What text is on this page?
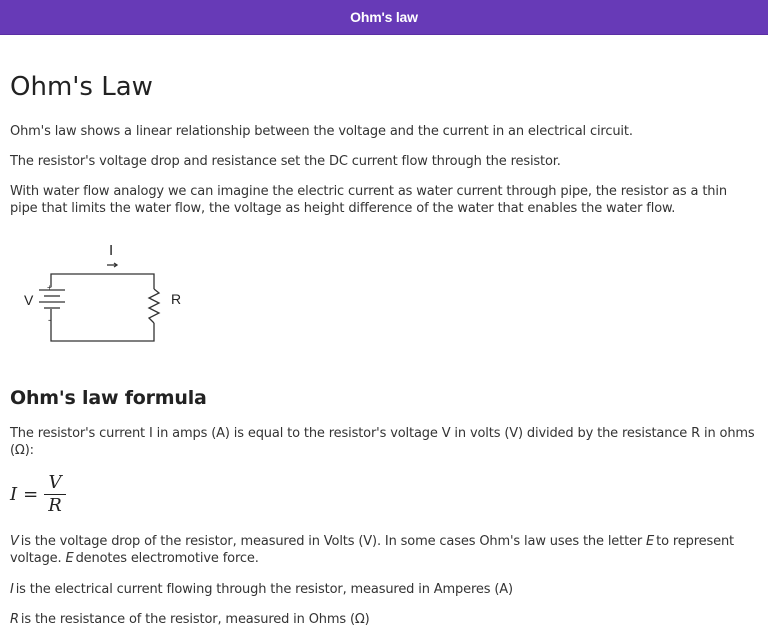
Ohm's law
Ohm's Law

Ohm's law shows a linear relationship between the voltage and the current in an electrical circuit.

The resistor's voltage drop and resistance set the DC current flow through the resistor.

With water flow analogy we can imagine the electric current as water current through pipe, the resistor as a thin pipe that limits the water flow, the voltage as height difference of the water that enables the water flow.

I
V
+
-
R
Ohm's law formula

The resistor's current I in amps (A) is equal to the resistor's voltage V in volts (V) divided by the resistance R in ohms (Ω):

$I = \frac{V}{R}$

V is the voltage drop of the resistor, measured in Volts (V). In some cases Ohm's law uses the letter E to represent voltage. E denotes electromotive force.

I is the electrical current flowing through the resistor, measured in Amperes (A)

R is the resistance of the resistor, measured in Ohms (Ω)
